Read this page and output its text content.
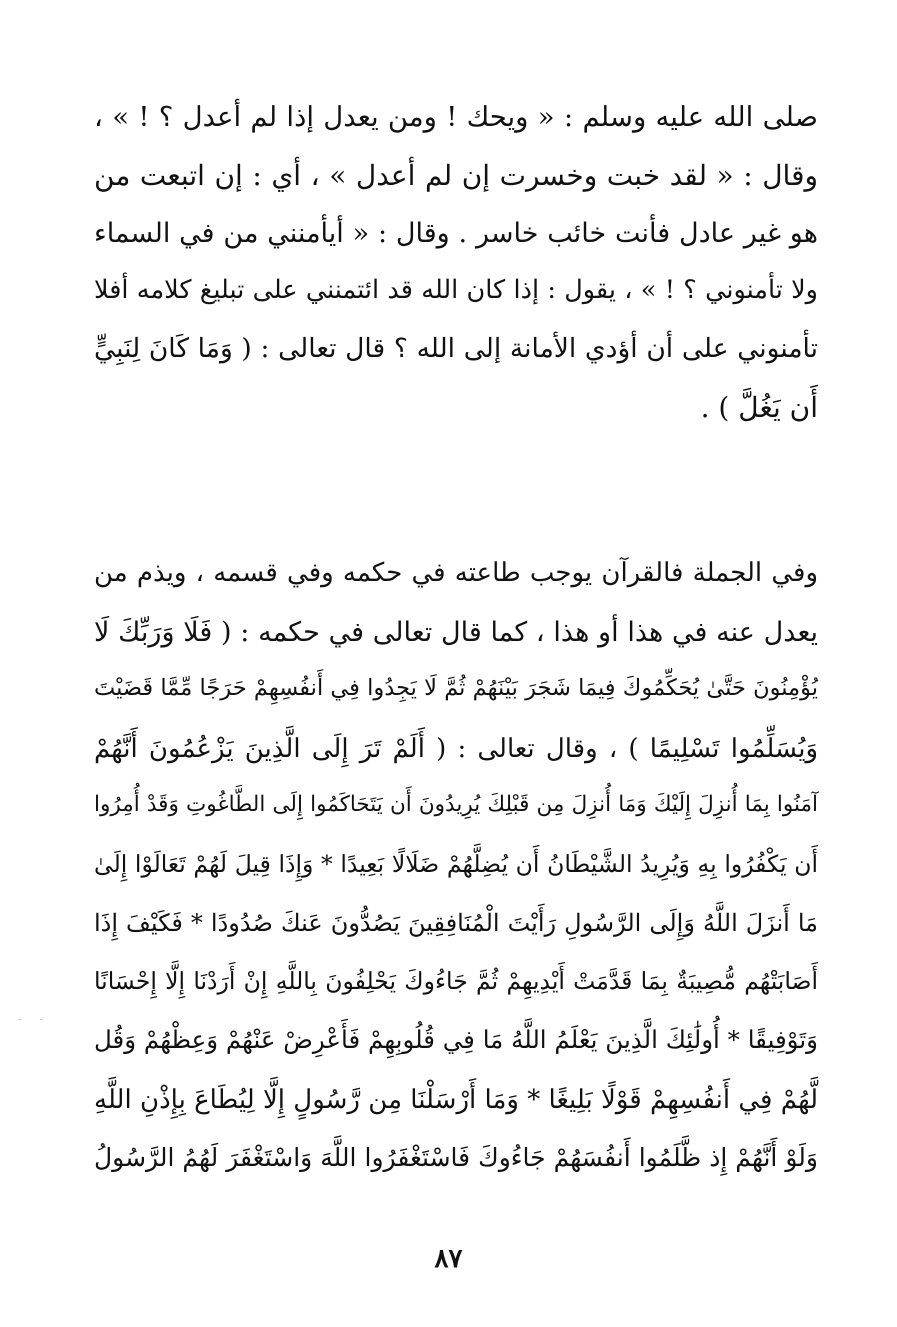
صلى الله عليه وسلم : « ويحك ! ومن يعدل إذا لم أعدل ؟ ! » ،
وقال : « لقد خبت وخسرت إن لم أعدل » ، أي : إن اتبعت من
هو غير عادل فأنت خائب خاسر . وقال : « أيأمنني من في السماء
ولا تأمنوني ؟ ! » ، يقول : إذا كان الله قد ائتمنني على تبليغ كلامه أفلا
تأمنوني على أن أؤدي الأمانة إلى الله ؟ قال تعالى : ( وَمَا كَانَ لِنَبِيٍّ
أَن يَغُلَّ ) .
وفي الجملة فالقرآن يوجب طاعته في حكمه وفي قسمه ، ويذم من
يعدل عنه في هذا أو هذا ، كما قال تعالى في حكمه : ( فَلَا وَرَبِّكَ لَا
يُؤْمِنُونَ حَتَّىٰ يُحَكِّمُوكَ فِيمَا شَجَرَ بَيْنَهُمْ ثُمَّ لَا يَجِدُوا فِي أَنفُسِهِمْ حَرَجًا مِّمَّا قَضَيْتَ
وَيُسَلِّمُوا تَسْلِيمًا ) ، وقال تعالى : ( أَلَمْ تَرَ إِلَى الَّذِينَ يَزْعُمُونَ أَنَّهُمْ
آمَنُوا بِمَا أُنزِلَ إِلَيْكَ وَمَا أُنزِلَ مِن قَبْلِكَ يُرِيدُونَ أَن يَتَحَاكَمُوا إِلَى الطَّاغُوتِ وَقَدْ أُمِرُوا
أَن يَكْفُرُوا بِهِ وَيُرِيدُ الشَّيْطَانُ أَن يُضِلَّهُمْ ضَلَالًا بَعِيدًا * وَإِذَا قِيلَ لَهُمْ تَعَالَوْا إِلَىٰ
مَا أَنزَلَ اللَّهُ وَإِلَى الرَّسُولِ رَأَيْتَ الْمُنَافِقِينَ يَصُدُّونَ عَنكَ صُدُودًا * فَكَيْفَ إِذَا
أَصَابَتْهُم مُّصِيبَةٌ بِمَا قَدَّمَتْ أَيْدِيهِمْ ثُمَّ جَاءُوكَ يَحْلِفُونَ بِاللَّهِ إِنْ أَرَدْنَا إِلَّا إِحْسَانًا
وَتَوْفِيقًا * أُولَٰئِكَ الَّذِينَ يَعْلَمُ اللَّهُ مَا فِي قُلُوبِهِمْ فَأَعْرِضْ عَنْهُمْ وَعِظْهُمْ وَقُل
لَّهُمْ فِي أَنفُسِهِمْ قَوْلًا بَلِيغًا * وَمَا أَرْسَلْنَا مِن رَّسُولٍ إِلَّا لِيُطَاعَ بِإِذْنِ اللَّهِ
وَلَوْ أَنَّهُمْ إِذ ظَّلَمُوا أَنفُسَهُمْ جَاءُوكَ فَاسْتَغْفَرُوا اللَّهَ وَاسْتَغْفَرَ لَهُمُ الرَّسُولُ
٨٧
